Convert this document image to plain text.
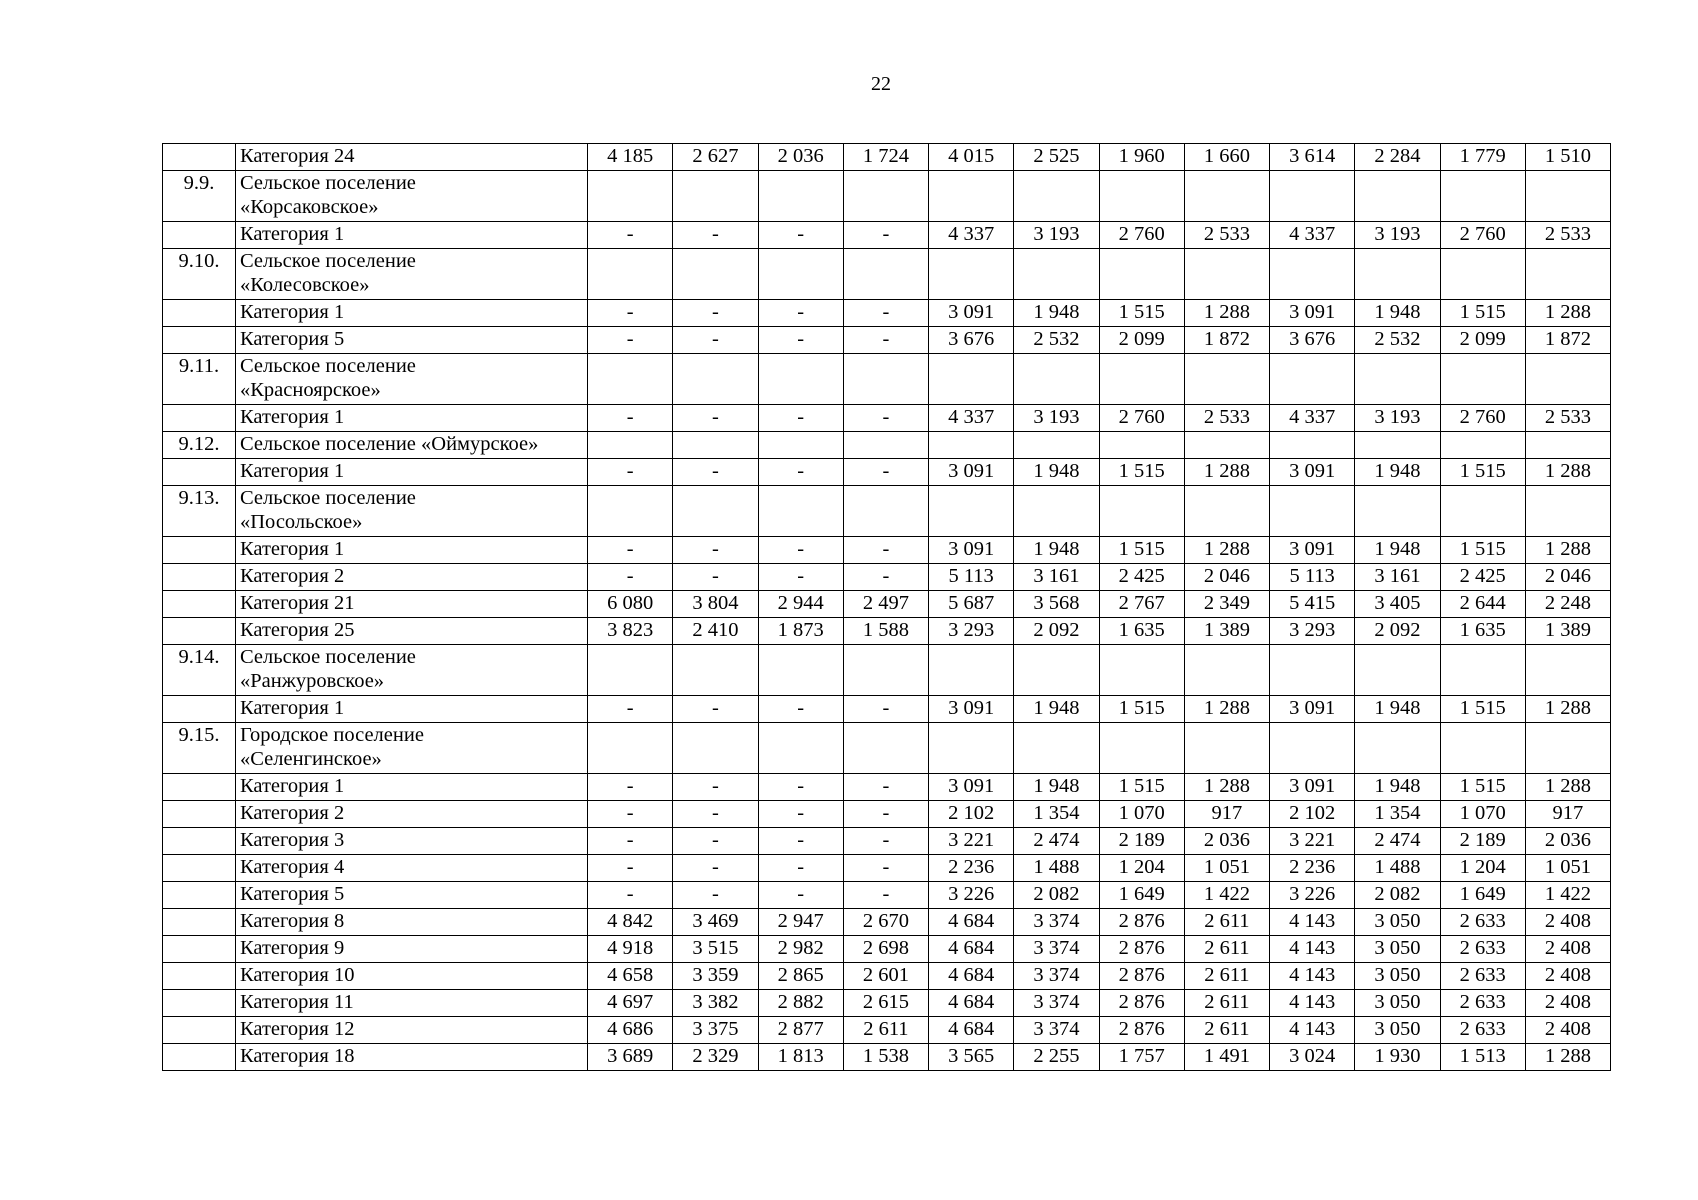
22
	Категория 24	4 185	2 627	2 036	1 724	4 015	2 525	1 960	1 660	3 614	2 284	1 779	1 510
9.9.	Сельское поселение
«Корсаковское»												

	Категория 1	-	-	-	-	4 337	3 193	2 760	2 533	4 337	3 193	2 760	2 533
9.10.	Сельское поселение
«Колесовское»												

	Категория 1	-	-	-	-	3 091	1 948	1 515	1 288	3 091	1 948	1 515	1 288
	Категория 5	-	-	-	-	3 676	2 532	2 099	1 872	3 676	2 532	2 099	1 872
9.11.	Сельское поселение
«Красноярское»												

	Категория 1	-	-	-	-	4 337	3 193	2 760	2 533	4 337	3 193	2 760	2 533
9.12.	Сельское поселение «Оймурское»												

	Категория 1	-	-	-	-	3 091	1 948	1 515	1 288	3 091	1 948	1 515	1 288
9.13.	Сельское поселение
«Посольское»												

	Категория 1	-	-	-	-	3 091	1 948	1 515	1 288	3 091	1 948	1 515	1 288
	Категория 2	-	-	-	-	5 113	3 161	2 425	2 046	5 113	3 161	2 425	2 046
	Категория 21	6 080	3 804	2 944	2 497	5 687	3 568	2 767	2 349	5 415	3 405	2 644	2 248
	Категория 25	3 823	2 410	1 873	1 588	3 293	2 092	1 635	1 389	3 293	2 092	1 635	1 389
9.14.	Сельское поселение
«Ранжуровское»												

	Категория 1	-	-	-	-	3 091	1 948	1 515	1 288	3 091	1 948	1 515	1 288
9.15.	Городское поселение
«Селенгинское»												

	Категория 1	-	-	-	-	3 091	1 948	1 515	1 288	3 091	1 948	1 515	1 288
	Категория 2	-	-	-	-	2 102	1 354	1 070	917	2 102	1 354	1 070	917
	Категория 3	-	-	-	-	3 221	2 474	2 189	2 036	3 221	2 474	2 189	2 036
	Категория 4	-	-	-	-	2 236	1 488	1 204	1 051	2 236	1 488	1 204	1 051
	Категория 5	-	-	-	-	3 226	2 082	1 649	1 422	3 226	2 082	1 649	1 422
	Категория 8	4 842	3 469	2 947	2 670	4 684	3 374	2 876	2 611	4 143	3 050	2 633	2 408
	Категория 9	4 918	3 515	2 982	2 698	4 684	3 374	2 876	2 611	4 143	3 050	2 633	2 408
	Категория 10	4 658	3 359	2 865	2 601	4 684	3 374	2 876	2 611	4 143	3 050	2 633	2 408
	Категория 11	4 697	3 382	2 882	2 615	4 684	3 374	2 876	2 611	4 143	3 050	2 633	2 408
	Категория 12	4 686	3 375	2 877	2 611	4 684	3 374	2 876	2 611	4 143	3 050	2 633	2 408
	Категория 18	3 689	2 329	1 813	1 538	3 565	2 255	1 757	1 491	3 024	1 930	1 513	1 288
